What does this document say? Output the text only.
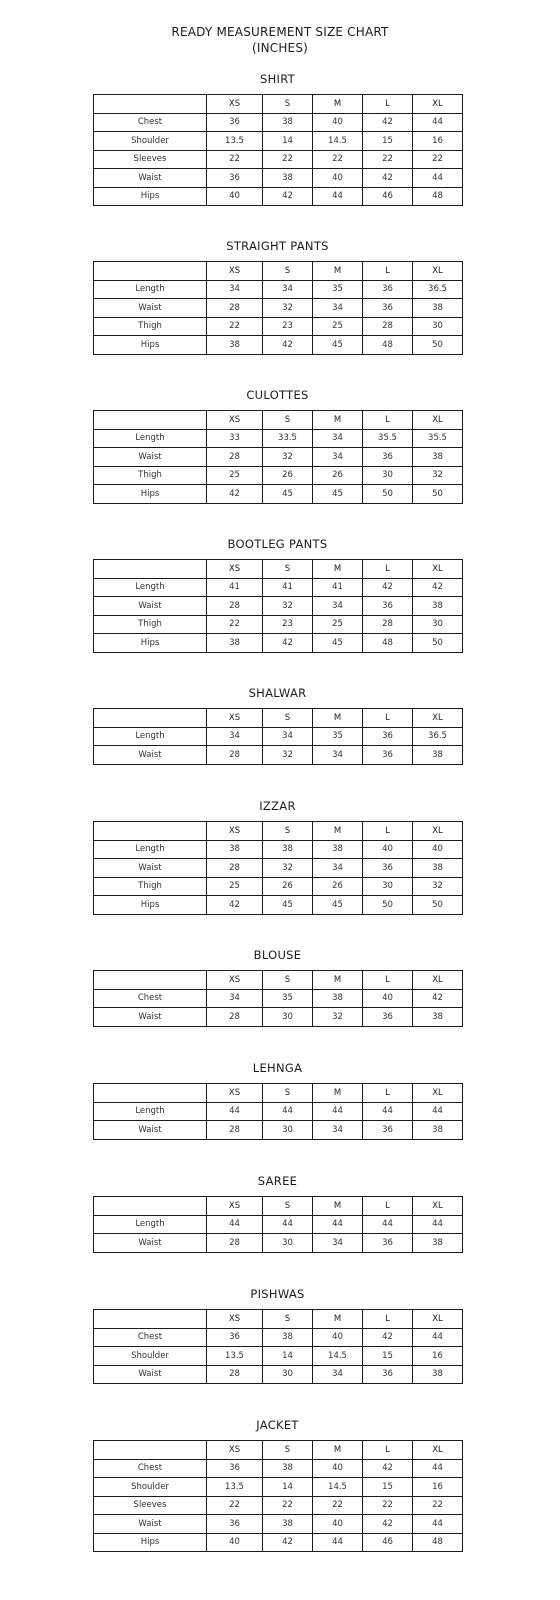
READY MEASUREMENT SIZE CHART
(INCHES)
SHIRT
	XS	S	M	L	XL
Chest	36	38	40	42	44
Shoulder	13.5	14	14.5	15	16
Sleeves	22	22	22	22	22
Waist	36	38	40	42	44
Hips	40	42	44	46	48
STRAIGHT PANTS
	XS	S	M	L	XL
Length	34	34	35	36	36.5
Waist	28	32	34	36	38
Thigh	22	23	25	28	30
Hips	38	42	45	48	50
CULOTTES
	XS	S	M	L	XL
Length	33	33.5	34	35.5	35.5
Waist	28	32	34	36	38
Thigh	25	26	26	30	32
Hips	42	45	45	50	50
BOOTLEG PANTS
	XS	S	M	L	XL
Length	41	41	41	42	42
Waist	28	32	34	36	38
Thigh	22	23	25	28	30
Hips	38	42	45	48	50
SHALWAR
	XS	S	M	L	XL
Length	34	34	35	36	36.5
Waist	28	32	34	36	38
IZZAR
	XS	S	M	L	XL
Length	38	38	38	40	40
Waist	28	32	34	36	38
Thigh	25	26	26	30	32
Hips	42	45	45	50	50
BLOUSE
	XS	S	M	L	XL
Chest	34	35	38	40	42
Waist	28	30	32	36	38
LEHNGA
	XS	S	M	L	XL
Length	44	44	44	44	44
Waist	28	30	34	36	38
SAREE
	XS	S	M	L	XL
Length	44	44	44	44	44
Waist	28	30	34	36	38
PISHWAS
	XS	S	M	L	XL
Chest	36	38	40	42	44
Shoulder	13.5	14	14.5	15	16
Waist	28	30	34	36	38
JACKET
	XS	S	M	L	XL
Chest	36	38	40	42	44
Shoulder	13.5	14	14.5	15	16
Sleeves	22	22	22	22	22
Waist	36	38	40	42	44
Hips	40	42	44	46	48
